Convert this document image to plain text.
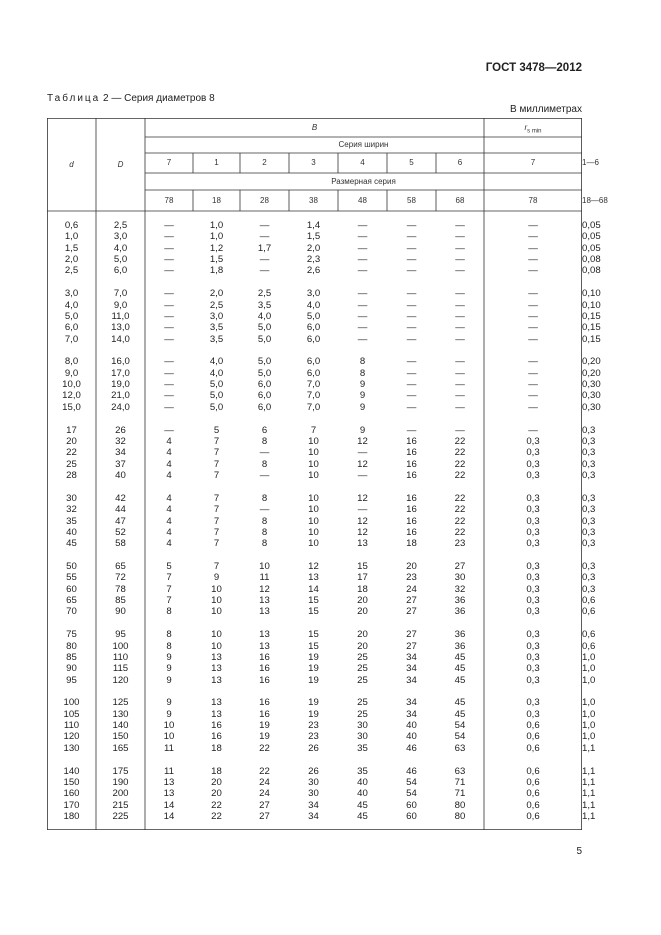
ГОСТ 3478—2012
Таблица 2 — Серия диаметров 8
В миллиметрах
d	D
B	$r_{s min}$
Серия ширин
Размерная серия
7	1	2	3	4	5	6	7	1—6
78	18	28	38	48	58	68	78	18—68
0,6	2,5	—	1,0	—	1,4	—	—	—	—	0,05
1,0	3,0	—	1,0	—	1,5	—	—	—	—	0,05
1,5	4,0	—	1,2	1,7	2,0	—	—	—	—	0,05
2,0	5,0	—	1,5	—	2,3	—	—	—	—	0,08
2,5	6,0	—	1,8	—	2,6	—	—	—	—	0,08
3,0	7,0	—	2,0	2,5	3,0	—	—	—	—	0,10
4,0	9,0	—	2,5	3,5	4,0	—	—	—	—	0,10
5,0	11,0	—	3,0	4,0	5,0	—	—	—	—	0,15
6,0	13,0	—	3,5	5,0	6,0	—	—	—	—	0,15
7,0	14,0	—	3,5	5,0	6,0	—	—	—	—	0,15
8,0	16,0	—	4,0	5,0	6,0	8	—	—	—	0,20
9,0	17,0	—	4,0	5,0	6,0	8	—	—	—	0,20
10,0	19,0	—	5,0	6,0	7,0	9	—	—	—	0,30
12,0	21,0	—	5,0	6,0	7,0	9	—	—	—	0,30
15,0	24,0	—	5,0	6,0	7,0	9	—	—	—	0,30
17	26	—	5	6	7	9	—	—	—	0,3
20	32	4	7	8	10	12	16	22	0,3	0,3
22	34	4	7	—	10	—	16	22	0,3	0,3
25	37	4	7	8	10	12	16	22	0,3	0,3
28	40	4	7	—	10	—	16	22	0,3	0,3
30	42	4	7	8	10	12	16	22	0,3	0,3
32	44	4	7	—	10	—	16	22	0,3	0,3
35	47	4	7	8	10	12	16	22	0,3	0,3
40	52	4	7	8	10	12	16	22	0,3	0,3
45	58	4	7	8	10	13	18	23	0,3	0,3
50	65	5	7	10	12	15	20	27	0,3	0,3
55	72	7	9	11	13	17	23	30	0,3	0,3
60	78	7	10	12	14	18	24	32	0,3	0,3
65	85	7	10	13	15	20	27	36	0,3	0,6
70	90	8	10	13	15	20	27	36	0,3	0,6
75	95	8	10	13	15	20	27	36	0,3	0,6
80	100	8	10	13	15	20	27	36	0,3	0,6
85	110	9	13	16	19	25	34	45	0,3	1,0
90	115	9	13	16	19	25	34	45	0,3	1,0
95	120	9	13	16	19	25	34	45	0,3	1,0
100	125	9	13	16	19	25	34	45	0,3	1,0
105	130	9	13	16	19	25	34	45	0,3	1,0
110	140	10	16	19	23	30	40	54	0,6	1,0
120	150	10	16	19	23	30	40	54	0,6	1,0
130	165	11	18	22	26	35	46	63	0,6	1,1
140	175	11	18	22	26	35	46	63	0,6	1,1
150	190	13	20	24	30	40	54	71	0,6	1,1
160	200	13	20	24	30	40	54	71	0,6	1,1
170	215	14	22	27	34	45	60	80	0,6	1,1
180	225	14	22	27	34	45	60	80	0,6	1,1
5
